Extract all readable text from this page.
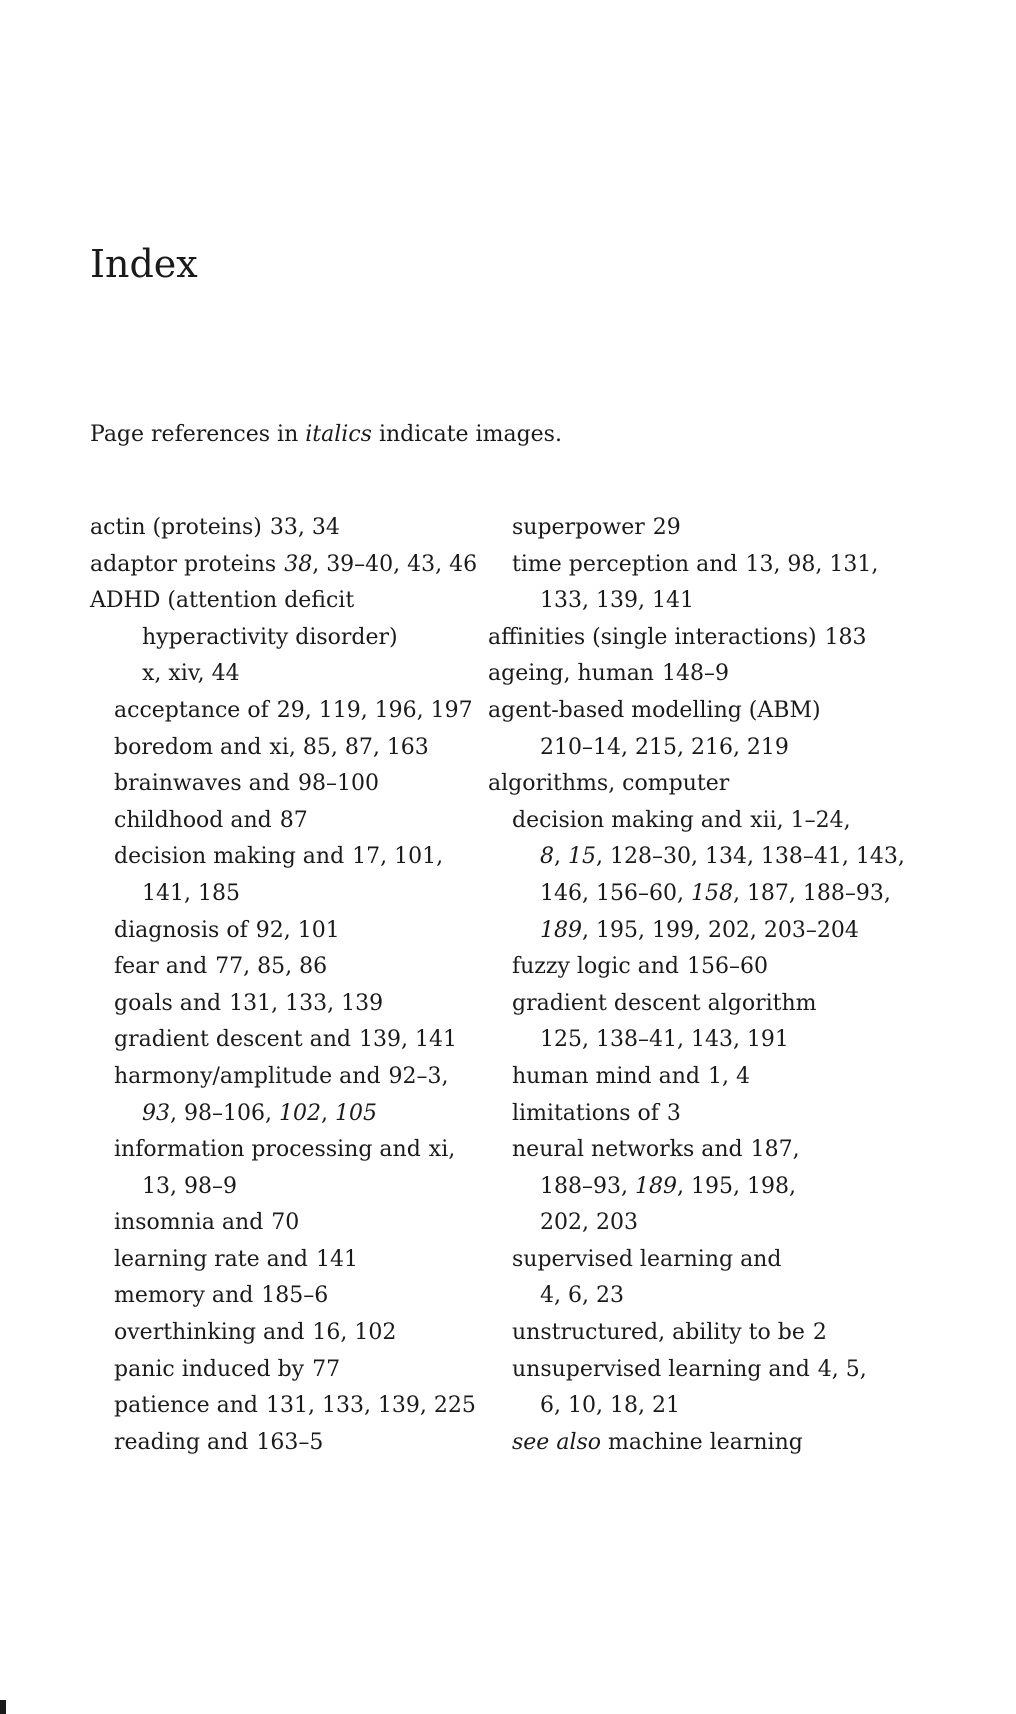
Index

Page references in italics indicate images.

actin (proteins) 33, 34

adaptor proteins 38, 39–40, 43, 46

ADHD (attention deficit

hyperactivity disorder)

x, xiv, 44

acceptance of 29, 119, 196, 197

boredom and xi, 85, 87, 163

brainwaves and 98–100

childhood and 87

decision making and 17, 101,

141, 185

diagnosis of 92, 101

fear and 77, 85, 86

goals and 131, 133, 139

gradient descent and 139, 141

harmony/amplitude and 92–3,

93, 98–106, 102, 105

information processing and xi,

13, 98–9

insomnia and 70

learning rate and 141

memory and 185–6

overthinking and 16, 102

panic induced by 77

patience and 131, 133, 139, 225

reading and 163–5

superpower 29

time perception and 13, 98, 131,

133, 139, 141

affinities (single interactions) 183

ageing, human 148–9

agent-based modelling (ABM)

210–14, 215, 216, 219

algorithms, computer

decision making and xii, 1–24,

8, 15, 128–30, 134, 138–41, 143,

146, 156–60, 158, 187, 188–93,

189, 195, 199, 202, 203–204

fuzzy logic and 156–60

gradient descent algorithm

125, 138–41, 143, 191

human mind and 1, 4

limitations of 3

neural networks and 187,

188–93, 189, 195, 198,

202, 203

supervised learning and

4, 6, 23

unstructured, ability to be 2

unsupervised learning and 4, 5,

6, 10, 18, 21

see also machine learning
